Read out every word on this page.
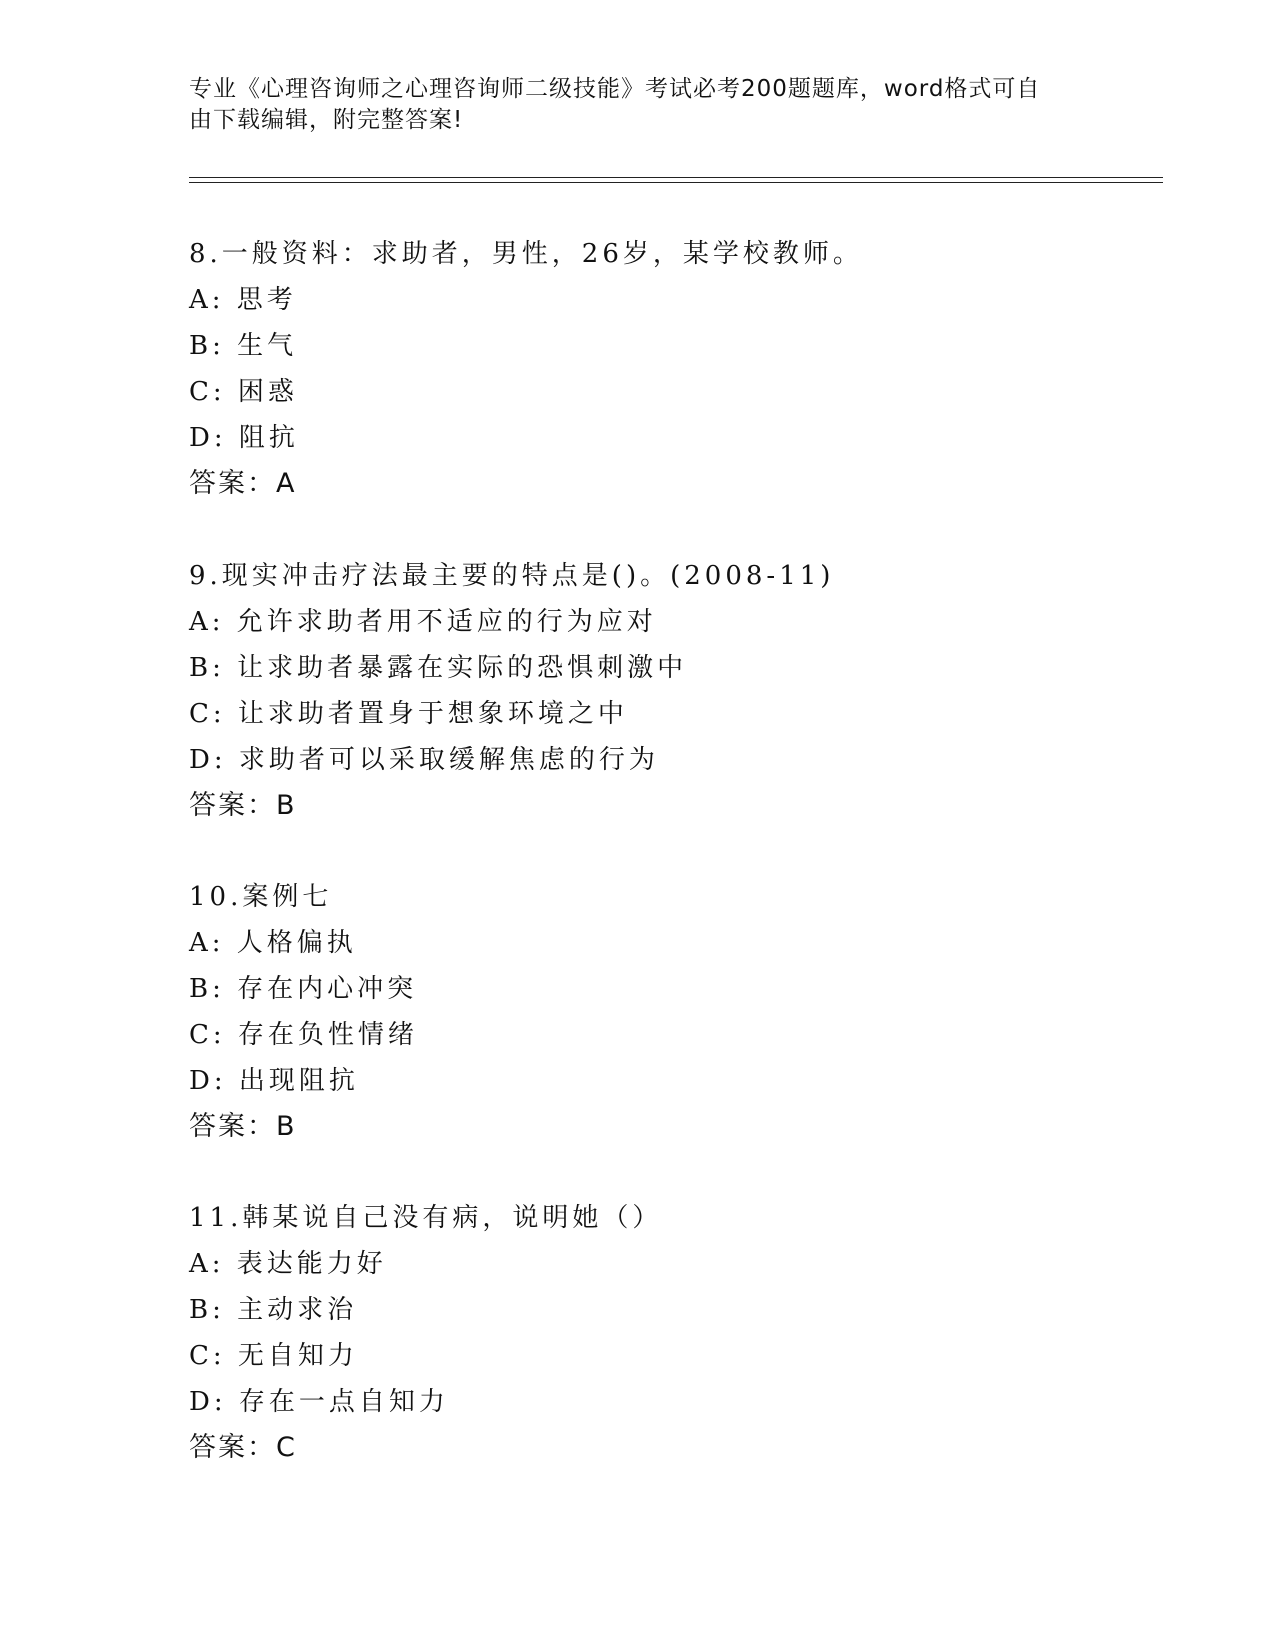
专业《心理咨询师之心理咨询师二级技能》考试必考200题题库，word格式可自

由下载编辑，附完整答案!

8.一般资料：求助者，男性，26岁，某学校教师。
A: 思考
B: 生气
C: 困惑
D: 阻抗
答案：A
9.现实冲击疗法最主要的特点是()。(2008-11)
A: 允许求助者用不适应的行为应对
B: 让求助者暴露在实际的恐惧刺激中
C: 让求助者置身于想象环境之中
D: 求助者可以采取缓解焦虑的行为
答案：B
10.案例七
A: 人格偏执
B: 存在内心冲突
C: 存在负性情绪
D: 出现阻抗
答案：B
11.韩某说自己没有病，说明她（）
A: 表达能力好
B: 主动求治
C: 无自知力
D: 存在一点自知力
答案：C
